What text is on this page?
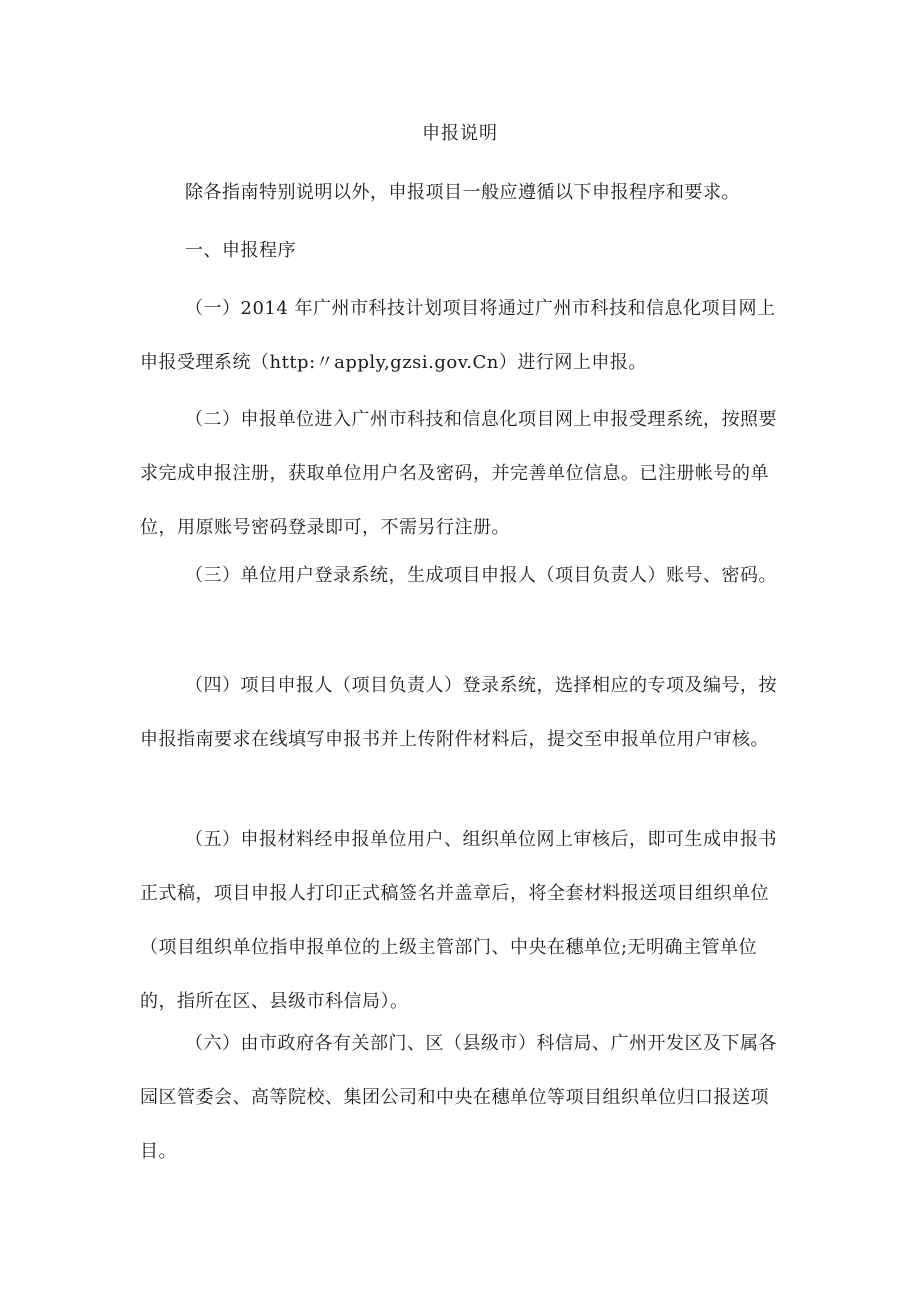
申报说明

除各指南特别说明以外，申报项目一般应遵循以下申报程序和要求。

一、申报程序

（一）2014 年广州市科技计划项目将通过广州市科技和信息化项目网上申报受理系统（http:〃apply,gzsi.gov.Cn）进行网上申报。

（二）申报单位进入广州市科技和信息化项目网上申报受理系统，按照要求完成申报注册，获取单位用户名及密码，并完善单位信息。已注册帐号的单位，用原账号密码登录即可，不需另行注册。

（三）单位用户登录系统，生成项目申报人（项目负责人）账号、密码。

（四）项目申报人（项目负责人）登录系统，选择相应的专项及编号，按申报指南要求在线填写申报书并上传附件材料后，提交至申报单位用户审核。

（五）申报材料经申报单位用户、组织单位网上审核后，即可生成申报书正式稿，项目申报人打印正式稿签名并盖章后，将全套材料报送项目组织单位（项目组织单位指申报单位的上级主管部门、中央在穗单位;无明确主管单位的，指所在区、县级市科信局）。

（六）由市政府各有关部门、区（县级市）科信局、广州开发区及下属各园区管委会、高等院校、集团公司和中央在穗单位等项目组织单位归口报送项目。
